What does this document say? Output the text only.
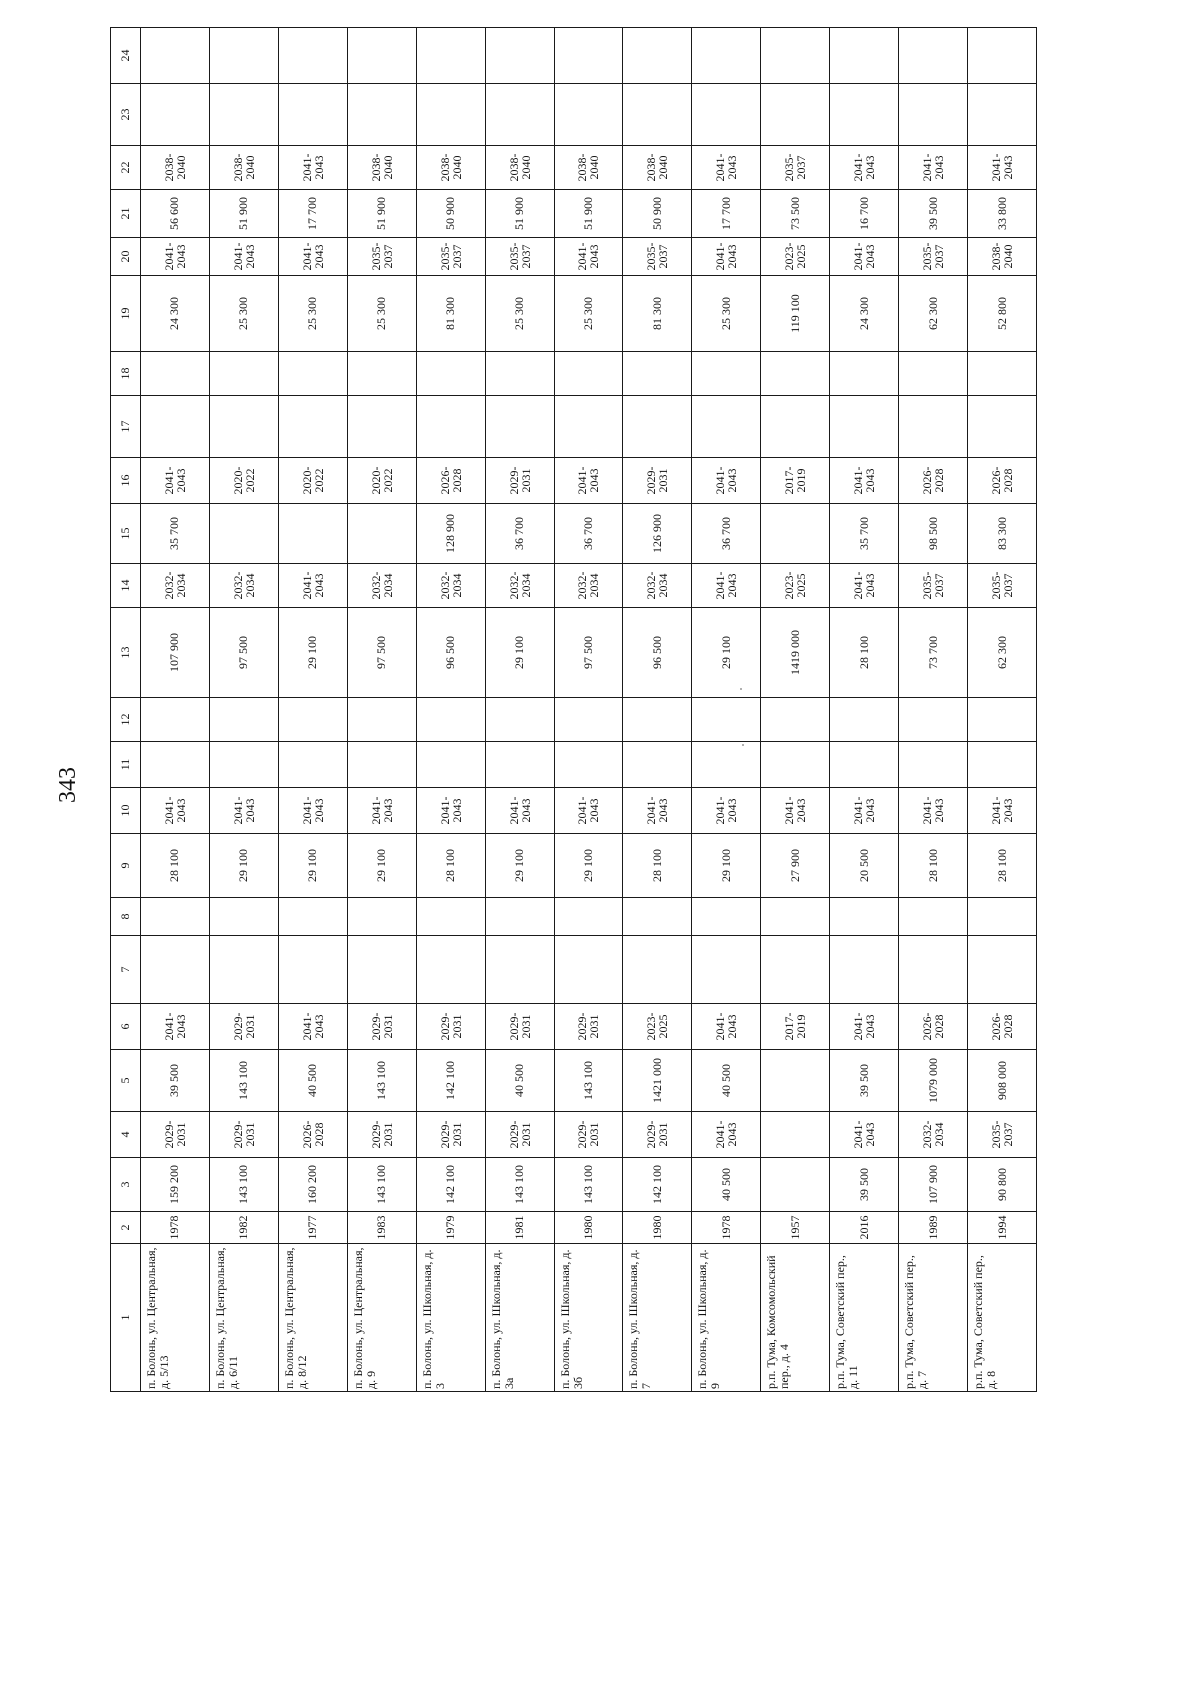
343
1	2	3	4	5	6	7	8	9	10	11	12	13	14	15	16	17	18	19	20	21	22	23	24
п. Болонь, ул. Центральная, д. 5/13	1978	159 200	2029-2031	39 500	2041-2043			28 100	2041-2043			107 900	2032-2034	35 700	2041-2043			24 300	2041-2043	56 600	2038-2040		
п. Болонь, ул. Центральная, д. 6/11	1982	143 100	2029-2031	143 100	2029-2031			29 100	2041-2043			97 500	2032-2034		2020-2022			25 300	2041-2043	51 900	2038-2040		
п. Болонь, ул. Центральная, д. 8/12	1977	160 200	2026-2028	40 500	2041-2043			29 100	2041-2043			29 100	2041-2043		2020-2022			25 300	2041-2043	17 700	2041-2043		
п. Болонь, ул. Центральная, д. 9	1983	143 100	2029-2031	143 100	2029-2031			29 100	2041-2043			97 500	2032-2034		2020-2022			25 300	2035-2037	51 900	2038-2040		
п. Болонь, ул. Школьная, д. 3	1979	142 100	2029-2031	142 100	2029-2031			28 100	2041-2043			96 500	2032-2034	128 900	2026-2028			81 300	2035-2037	50 900	2038-2040		
п. Болонь, ул. Школьная, д. 3а	1981	143 100	2029-2031	40 500	2029-2031			29 100	2041-2043			29 100	2032-2034	36 700	2029-2031			25 300	2035-2037	51 900	2038-2040		
п. Болонь, ул. Школьная, д. 3б	1980	143 100	2029-2031	143 100	2029-2031			29 100	2041-2043			97 500	2032-2034	36 700	2041-2043			25 300	2041-2043	51 900	2038-2040		
п. Болонь, ул. Школьная, д. 7	1980	142 100	2029-2031	1421 000	2023-2025			28 100	2041-2043			96 500	2032-2034	126 900	2029-2031			81 300	2035-2037	50 900	2038-2040		
п. Болонь, ул. Школьная, д. 9	1978	40 500	2041-2043	40 500	2041-2043			29 100	2041-2043			29 100	2041-2043	36 700	2041-2043			25 300	2041-2043	17 700	2041-2043		
р.п. Тума, Комсомольский пер., д. 4	1957				2017-2019			27 900	2041-2043			1419 000	2023-2025		2017-2019			119 100	2023-2025	73 500	2035-2037		
р.п. Тума, Советский пер., д. 11	2016	39 500	2041-2043	39 500	2041-2043			20 500	2041-2043			28 100	2041-2043	35 700	2041-2043			24 300	2041-2043	16 700	2041-2043		
р.п. Тума, Советский пер., д. 7	1989	107 900	2032-2034	1079 000	2026-2028			28 100	2041-2043			73 700	2035-2037	98 500	2026-2028			62 300	2035-2037	39 500	2041-2043		
р.п. Тума, Советский пер., д. 8	1994	90 800	2035-2037	908 000	2026-2028			28 100	2041-2043			62 300	2035-2037	83 300	2026-2028			52 800	2038-2040	33 800	2041-2043		
